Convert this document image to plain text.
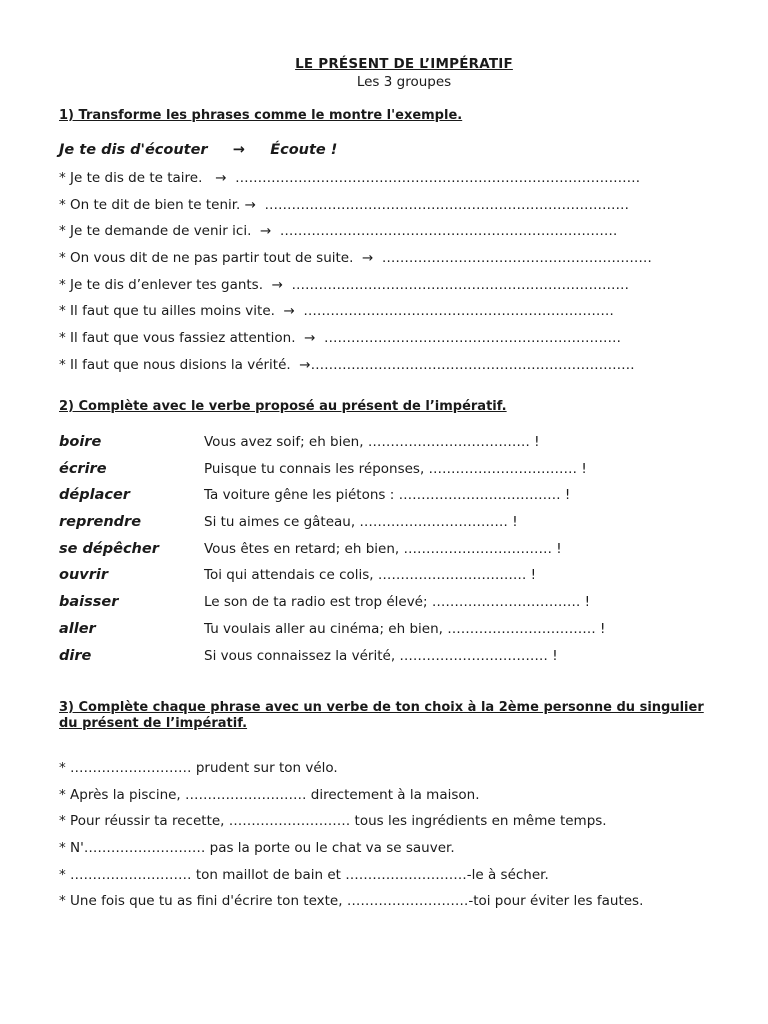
LE PRÉSENT DE L’IMPÉRATIF
Les 3 groupes
1) Transforme les phrases comme le montre l'exemple.
Je te dis d'écouter     →     Écoute !
* Je te dis de te taire.   →  ………………………………………………………………………………
* On te dit de bien te tenir. →  ………………………………………………………………………
* Je te demande de venir ici.  →  …………………………………………………………………
* On vous dit de ne pas partir tout de suite.  →  ……………………………………………………
* Je te dis d’enlever tes gants.  →  …………………………………………………………………
* Il faut que tu ailles moins vite.  →  ……………………………………………………………
* Il faut que vous fassiez attention.  →  …………………………………………………………
* Il faut que nous disions la vérité.  →………………………………………………………………
2) Complète avec le verbe proposé au présent de l’impératif.
boire	Vous avez soif; eh bien, ……………………………… !
écrire	Puisque tu connais les réponses, …………………………… !
déplacer	Ta voiture gêne les piétons : ……………………………… !
reprendre	Si tu aimes ce gâteau, …………………………… !
se dépêcher	Vous êtes en retard; eh bien, …………………………… !
ouvrir	Toi qui attendais ce colis, …………………………… !
baisser	Le son de ta radio est trop élevé; …………………………… !
aller	Tu voulais aller au cinéma; eh bien, …………………………… !
dire	Si vous connaissez la vérité, …………………………… !
3) Complète chaque phrase avec un verbe de ton choix à la 2ème personne du singulier du présent de l’impératif.
* ……………………… prudent sur ton vélo.
* Après la piscine, ……………………… directement à la maison.
* Pour réussir ta recette, ……………………… tous les ingrédients en même temps.
* N'……………………… pas la porte ou le chat va se sauver.
* ……………………… ton maillot de bain et ………………………-le à sécher.
* Une fois que tu as fini d'écrire ton texte, ………………………-toi pour éviter les fautes.
